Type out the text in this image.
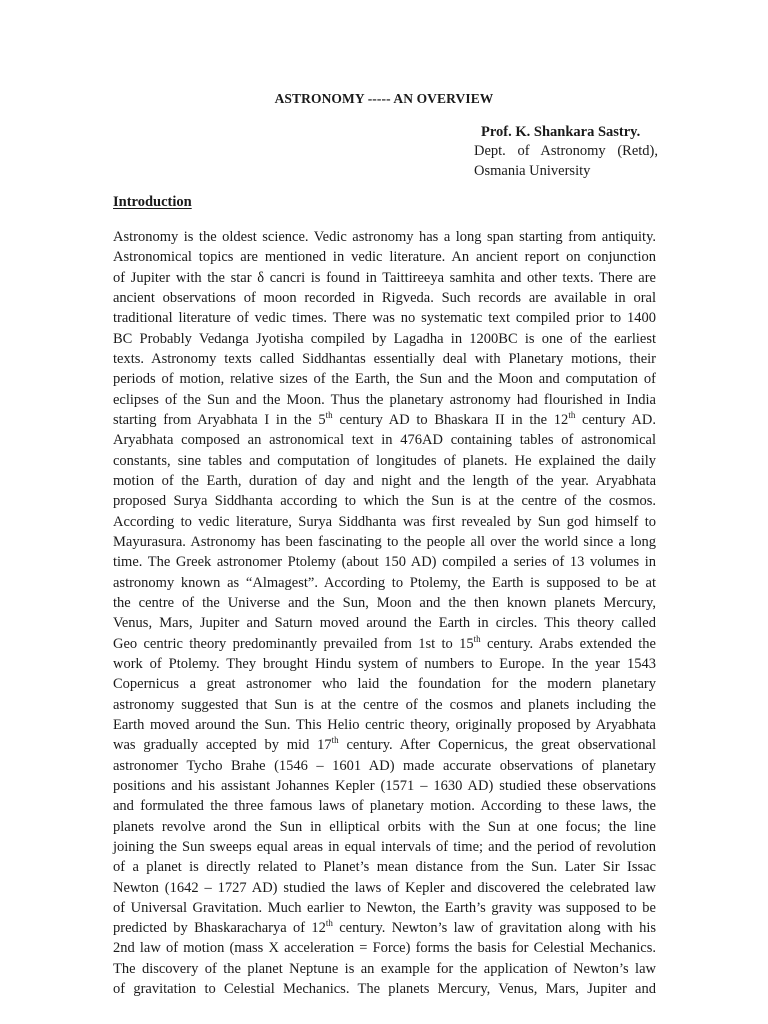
ASTRONOMY ----- AN OVERVIEW
Prof. K. Shankara Sastry.
Dept. of Astronomy (Retd),
Osmania University
Introduction
Astronomy is the oldest science. Vedic astronomy has a long span starting from antiquity.
Astronomical topics are mentioned in vedic literature. An ancient report on conjunction
of Jupiter with the star δ cancri is found in Taittireeya samhita and other texts. There are
ancient observations of moon recorded in Rigveda. Such records are available in oral
traditional literature of vedic times. There was no systematic text compiled prior to 1400
BC Probably Vedanga Jyotisha compiled by Lagadha in 1200BC is one of the earliest
texts. Astronomy texts called Siddhantas essentially deal with Planetary motions, their
periods of motion, relative sizes of the Earth, the Sun and the Moon and computation of
eclipses of the Sun and the Moon. Thus the planetary astronomy had flourished in India
starting from Aryabhata I in the 5th century AD to Bhaskara II in the 12th century AD.
Aryabhata composed an astronomical text in 476AD containing tables of astronomical
constants, sine tables and computation of longitudes of planets. He explained the daily
motion of the Earth, duration of day and night and the length of the year. Aryabhata
proposed Surya Siddhanta according to which the Sun is at the centre of the cosmos.
According to vedic literature, Surya Siddhanta was first revealed by Sun god himself to
Mayurasura. Astronomy has been fascinating to the people all over the world since a long
time. The Greek astronomer Ptolemy (about 150 AD) compiled a series of 13 volumes in
astronomy known as “Almagest”. According to Ptolemy, the Earth is supposed to be at
the centre of the Universe and the Sun, Moon and the then known planets Mercury,
Venus, Mars, Jupiter and Saturn moved around the Earth in circles. This theory called
Geo centric theory predominantly prevailed from 1st to 15th century. Arabs extended the
work of Ptolemy. They brought Hindu system of numbers to Europe. In the year 1543
Copernicus a great astronomer who laid the foundation for the modern planetary
astronomy suggested that Sun is at the centre of the cosmos and planets including the
Earth moved around the Sun. This Helio centric theory, originally proposed by Aryabhata
was gradually accepted by mid 17th century. After Copernicus, the great observational
astronomer Tycho Brahe (1546 – 1601 AD) made accurate observations of planetary
positions and his assistant Johannes Kepler (1571 – 1630 AD) studied these observations
and formulated the three famous laws of planetary motion. According to these laws, the
planets revolve arond the Sun in elliptical orbits with the Sun at one focus; the line
joining the Sun sweeps equal areas in equal intervals of time; and the period of revolution
of a planet is directly related to Planet’s mean distance from the Sun. Later Sir Issac
Newton (1642 – 1727 AD) studied the laws of Kepler and discovered the celebrated law
of Universal Gravitation. Much earlier to Newton, the Earth’s gravity was supposed to be
predicted by Bhaskaracharya of 12th century. Newton’s law of gravitation along with his
2nd law of motion (mass X acceleration = Force) forms the basis for Celestial Mechanics.
The discovery of the planet Neptune is an example for the application of Newton’s law
of gravitation to Celestial Mechanics. The planets Mercury, Venus, Mars, Jupiter and
